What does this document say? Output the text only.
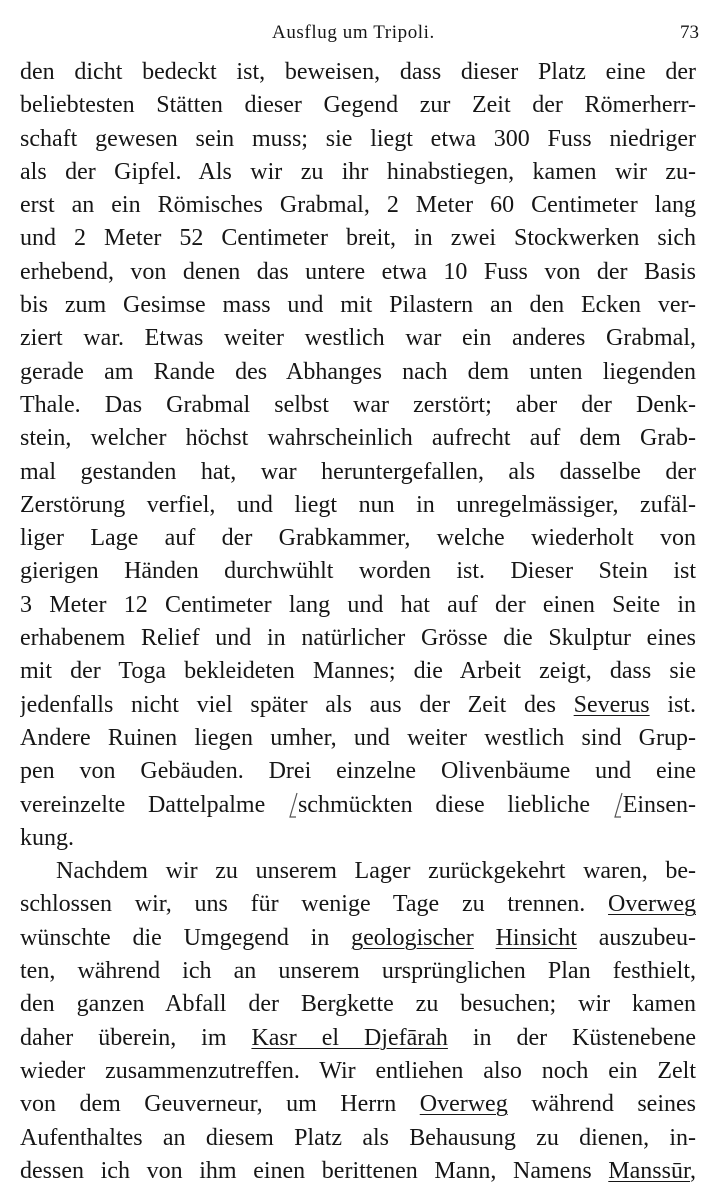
Ausflug um Tripoli.	73
den dicht bedeckt ist, beweisen, dass dieser Platz eine der
beliebtesten Stätten dieser Gegend zur Zeit der Römerherr-
schaft gewesen sein muss; sie liegt etwa 300 Fuss niedriger
als der Gipfel. Als wir zu ihr hinabstiegen, kamen wir zu-
erst an ein Römisches Grabmal, 2 Meter 60 Centimeter lang
und 2 Meter 52 Centimeter breit, in zwei Stockwerken sich
erhebend, von denen das untere etwa 10 Fuss von der Basis
bis zum Gesimse mass und mit Pilastern an den Ecken ver-
ziert war. Etwas weiter westlich war ein anderes Grabmal,
gerade am Rande des Abhanges nach dem unten liegenden
Thale. Das Grabmal selbst war zerstört; aber der Denk-
stein, welcher höchst wahrscheinlich aufrecht auf dem Grab-
mal gestanden hat, war heruntergefallen, als dasselbe der
Zerstörung verfiel, und liegt nun in unregelmässiger, zufäl-
liger Lage auf der Grabkammer, welche wiederholt von
gierigen Händen durchwühlt worden ist. Dieser Stein ist
3 Meter 12 Centimeter lang und hat auf der einen Seite in
erhabenem Relief und in natürlicher Grösse die Skulptur eines
mit der Toga bekleideten Mannes; die Arbeit zeigt, dass sie
jedenfalls nicht viel später als aus der Zeit des Severus ist.
Andere Ruinen liegen umher, und weiter westlich sind Grup-
pen von Gebäuden. Drei einzelne Olivenbäume und eine
vereinzelte Dattelpalme
schmückten diese liebliche
Einsen-
kung.
Nachdem wir zu unserem Lager zurückgekehrt waren, be-
schlossen wir, uns für wenige Tage zu trennen. Overweg
wünschte die Umgegend in geologischer Hinsicht auszubeu-
ten, während ich an unserem ursprünglichen Plan festhielt,
den ganzen Abfall der Bergkette zu besuchen; wir kamen
daher überein, im Kasr el Djefārah in der Küstenebene
wieder zusammenzutreffen. Wir entliehen also noch ein Zelt
von dem Geuverneur, um Herrn Overweg während seines
Aufenthaltes an diesem Platz als Behausung zu dienen, in-
dessen ich von ihm einen berittenen Mann, Namens Manssūr,
